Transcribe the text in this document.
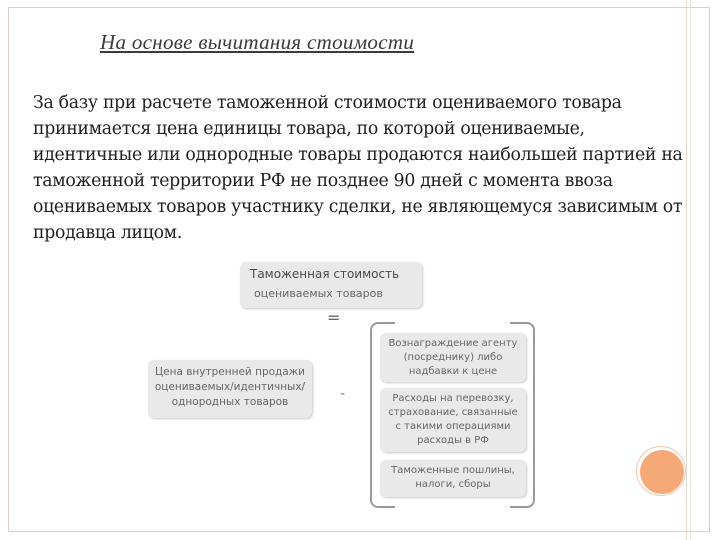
На основе вычитания стоимости

За базу при расчете таможенной стоимости оцениваемого товара принимается цена единицы товара, по которой оцениваемые, идентичные или однородные товары продаются наибольшей партией на таможенной территории РФ не позднее 90 дней с момента ввоза оцениваемых товаров участнику сделки, не являющемуся зависимым от продавца лицом.

Таможенная стоимость
оцениваемых товаров
=
Цена внутренней продажи
оцениваемых/идентичных/
однородных товаров	-
Вознаграждение агенту
(посреднику) либо
надбавки к цене
Расходы на перевозку,
страхование, связанные
с такими операциями
расходы в РФ
Таможенные пошлины,
налоги, сборы
